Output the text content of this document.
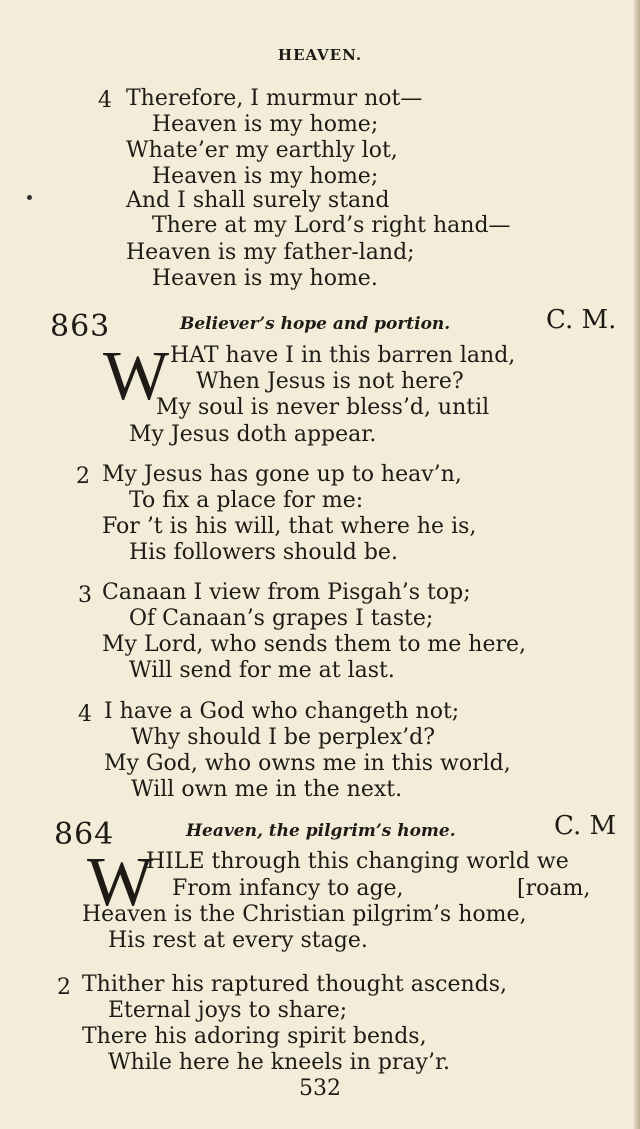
HEAVEN.
4 Therefore, I murmur not—
Heaven is my home;
Whate’er my earthly lot,
Heaven is my home;
And I shall surely stand
There at my Lord’s right hand—
Heaven is my father-land;
Heaven is my home.
863	Believer’s hope and portion.	C. M.
W HAT have I in this barren land,
When Jesus is not here?
My soul is never bless’d, until
My Jesus doth appear.
2 My Jesus has gone up to heav’n,
To fix a place for me:
For ’t is his will, that where he is,
His followers should be.
3 Canaan I view from Pisgah’s top;
Of Canaan’s grapes I taste;
My Lord, who sends them to me here,
Will send for me at last.
4 I have a God who changeth not;
Why should I be perplex’d?
My God, who owns me in this world,
Will own me in the next.
864	Heaven, the pilgrim’s home.	C. M
W
HILE through this changing world we
From infancy to age,	[roam,
Heaven is the Christian pilgrim’s home,
His rest at every stage.
2 Thither his raptured thought ascends,
Eternal joys to share;
There his adoring spirit bends,
While here he kneels in pray’r.
532
